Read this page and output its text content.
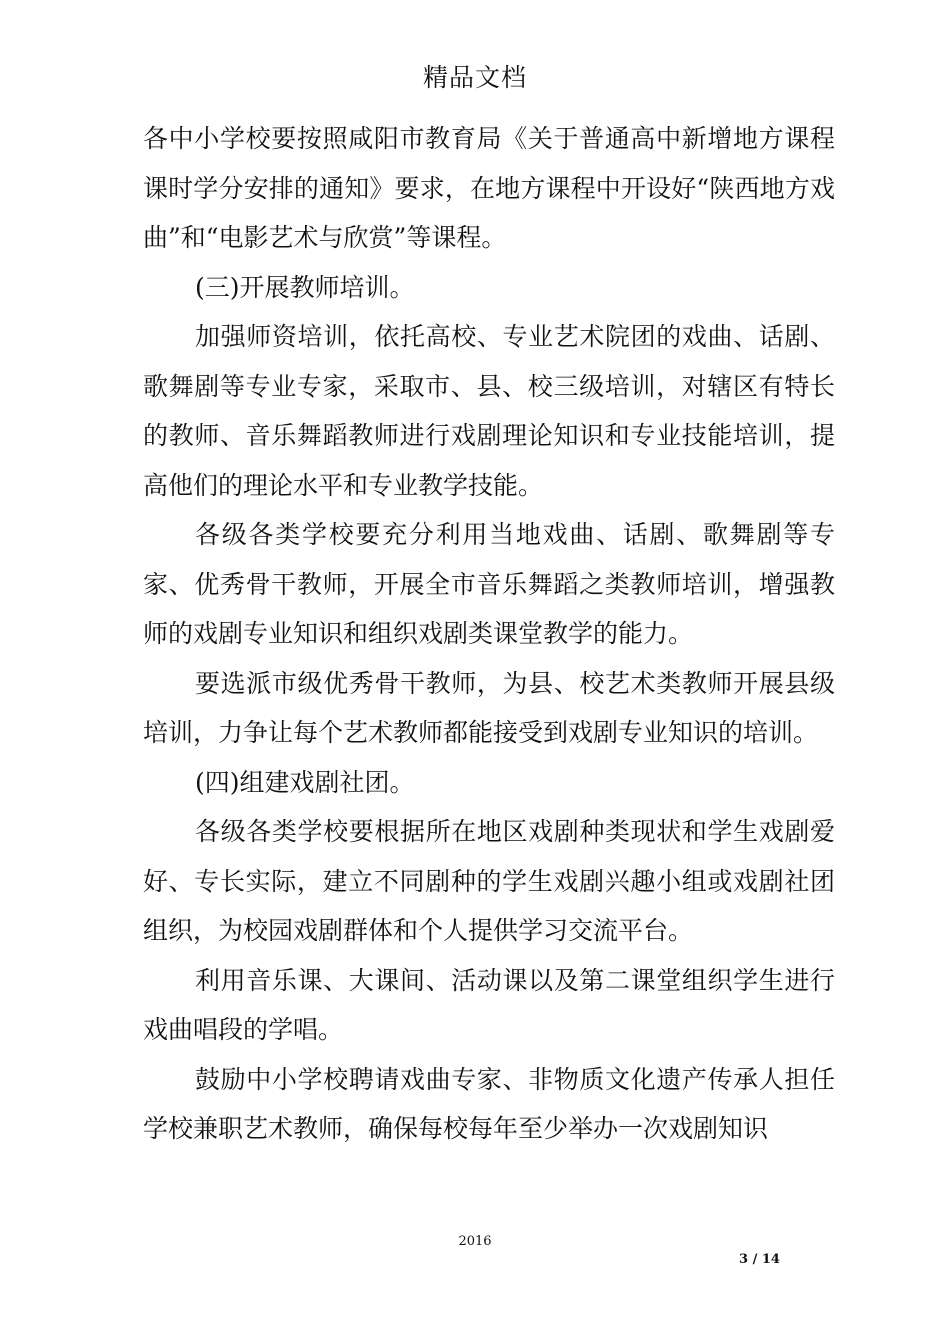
精品文档

各中小学校要按照咸阳市教育局《关于普通高中新增地方课程课时学分安排的通知》要求，在地方课程中开设好“陕西地方戏曲”和“电影艺术与欣赏”等课程。

(三)开展教师培训。

加强师资培训，依托高校、专业艺术院团的戏曲、话剧、歌舞剧等专业专家，采取市、县、校三级培训，对辖区有特长的教师、音乐舞蹈教师进行戏剧理论知识和专业技能培训，提高他们的理论水平和专业教学技能。

各级各类学校要充分利用当地戏曲、话剧、歌舞剧等专家、优秀骨干教师，开展全市音乐舞蹈之类教师培训，增强教师的戏剧专业知识和组织戏剧类课堂教学的能力。

要选派市级优秀骨干教师，为县、校艺术类教师开展县级培训，力争让每个艺术教师都能接受到戏剧专业知识的培训。

(四)组建戏剧社团。

各级各类学校要根据所在地区戏剧种类现状和学生戏剧爱好、专长实际，建立不同剧种的学生戏剧兴趣小组或戏剧社团组织，为校园戏剧群体和个人提供学习交流平台。

利用音乐课、大课间、活动课以及第二课堂组织学生进行戏曲唱段的学唱。

鼓励中小学校聘请戏曲专家、非物质文化遗产传承人担任学校兼职艺术教师，确保每校每年至少举办一次戏剧知识

2016
3 / 14
